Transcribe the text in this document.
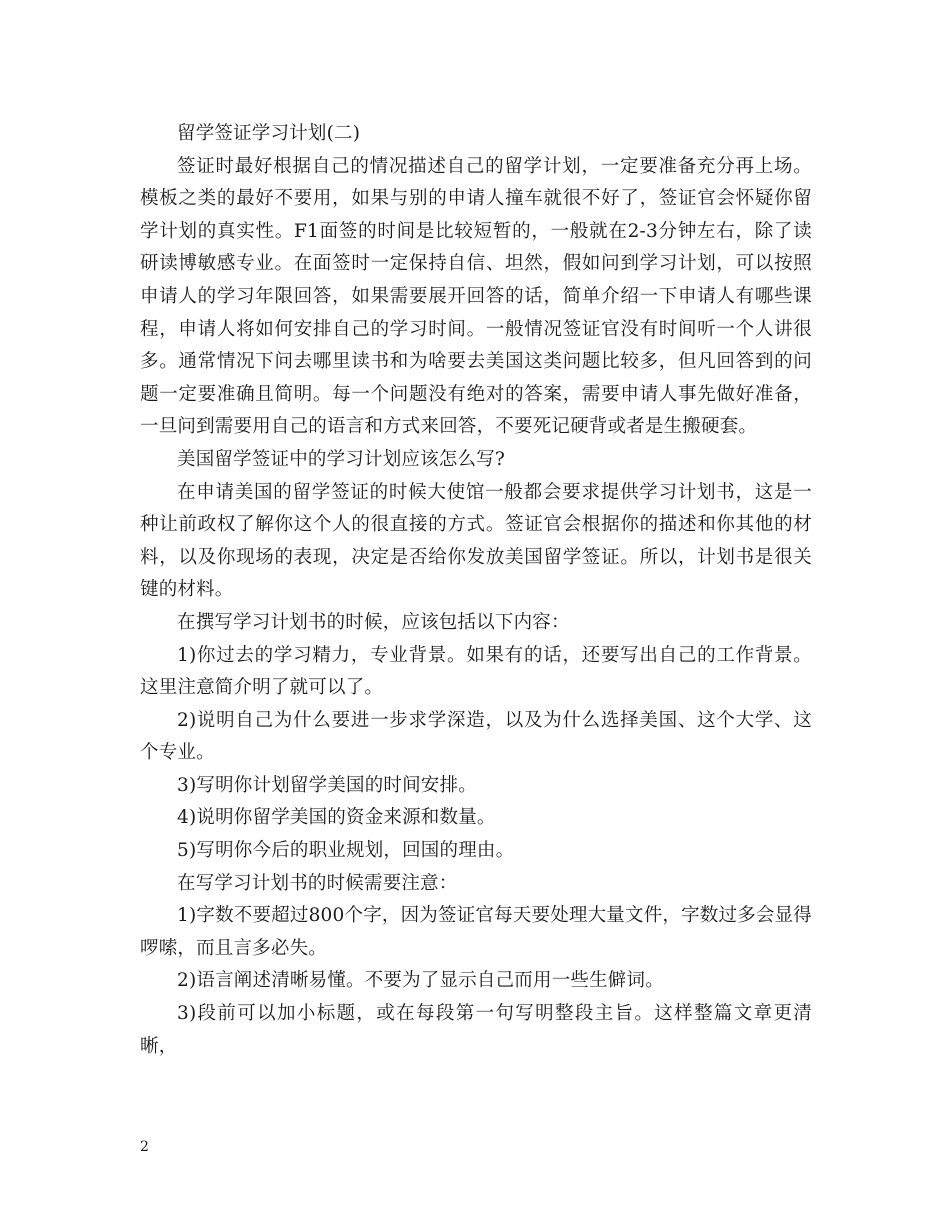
留学签证学习计划(二)

签证时最好根据自己的情况描述自己的留学计划，一定要准备充分再上场。模板之类的最好不要用，如果与别的申请人撞车就很不好了，签证官会怀疑你留学计划的真实性。F1面签的时间是比较短暂的，一般就在2-3分钟左右，除了读研读博敏感专业。在面签时一定保持自信、坦然，假如问到学习计划，可以按照申请人的学习年限回答，如果需要展开回答的话，简单介绍一下申请人有哪些课程，申请人将如何安排自己的学习时间。一般情况签证官没有时间听一个人讲很多。通常情况下问去哪里读书和为啥要去美国这类问题比较多，但凡回答到的问题一定要准确且简明。每一个问题没有绝对的答案，需要申请人事先做好准备，一旦问到需要用自己的语言和方式来回答，不要死记硬背或者是生搬硬套。

美国留学签证中的学习计划应该怎么写?

在申请美国的留学签证的时候大使馆一般都会要求提供学习计划书，这是一种让前政权了解你这个人的很直接的方式。签证官会根据你的描述和你其他的材料，以及你现场的表现，决定是否给你发放美国留学签证。所以，计划书是很关键的材料。

在撰写学习计划书的时候，应该包括以下内容：

1)你过去的学习精力，专业背景。如果有的话，还要写出自己的工作背景。这里注意简介明了就可以了。

2)说明自己为什么要进一步求学深造，以及为什么选择美国、这个大学、这个专业。

3)写明你计划留学美国的时间安排。

4)说明你留学美国的资金来源和数量。

5)写明你今后的职业规划，回国的理由。

在写学习计划书的时候需要注意：

1)字数不要超过800个字，因为签证官每天要处理大量文件，字数过多会显得啰嗦，而且言多必失。

2)语言阐述清晰易懂。不要为了显示自己而用一些生僻词。

3)段前可以加小标题，或在每段第一句写明整段主旨。这样整篇文章更清晰，

2
